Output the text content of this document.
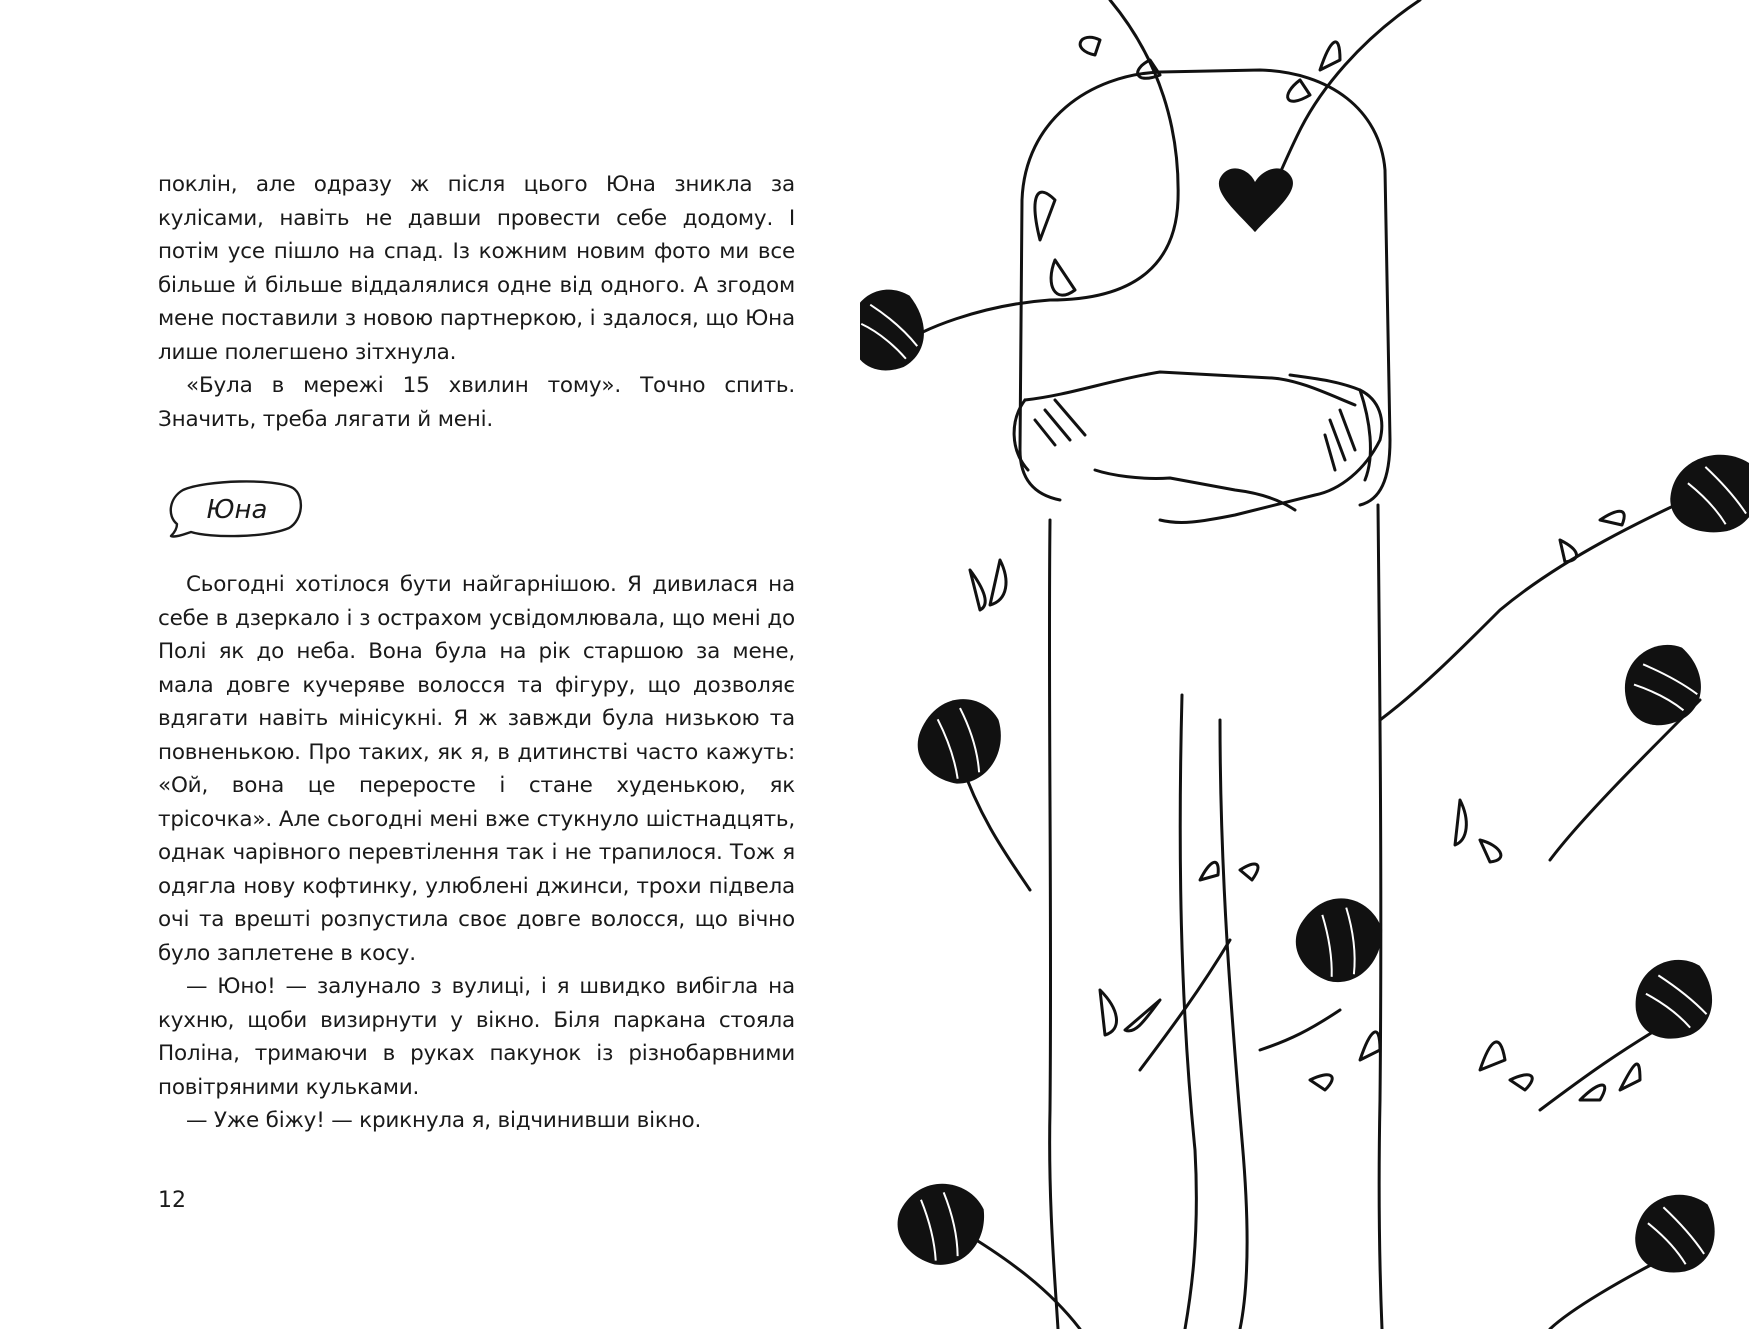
поклін, але одразу ж після цього Юна зникла за кулісами, навіть не давши провести себе додому. І потім усе пішло на спад. Із кожним новим фото ми все більше й більше віддалялися одне від одного. А згодом мене поставили з новою партнеркою, і здалося, що Юна лише полегшено зітхнула.

«Була в мережі 15 хвилин тому». Точно спить. Значить, треба лягати й мені.

Юна

Сьогодні хотілося бути найгарнішою. Я дивилася на себе в дзеркало і з острахом усвідомлювала, що мені до Полі як до неба. Вона була на рік старшою за мене, мала довге кучеряве волосся та фігуру, що дозволяє вдягати навіть мінісукні. Я ж завжди була низькою та повненькою. Про таких, як я, в дитинстві часто кажуть: «Ой, вона це переросте і стане худенькою, як трісочка». Але сьогодні мені вже стукнуло шістнадцять, однак чарівного перевтілення так і не трапилося. Тож я одягла нову кофтинку, улюблені джинси, трохи підвела очі та врешті розпустила своє довге волосся, що вічно було заплетене в косу.

— Юно! — залунало з вулиці, і я швидко вибігла на кухню, щоби визирнути у вікно. Біля паркана стояла Поліна, тримаючи в руках пакунок із різнобарвними повітряними кульками.

— Уже біжу! — крикнула я, відчинивши вікно.

12
